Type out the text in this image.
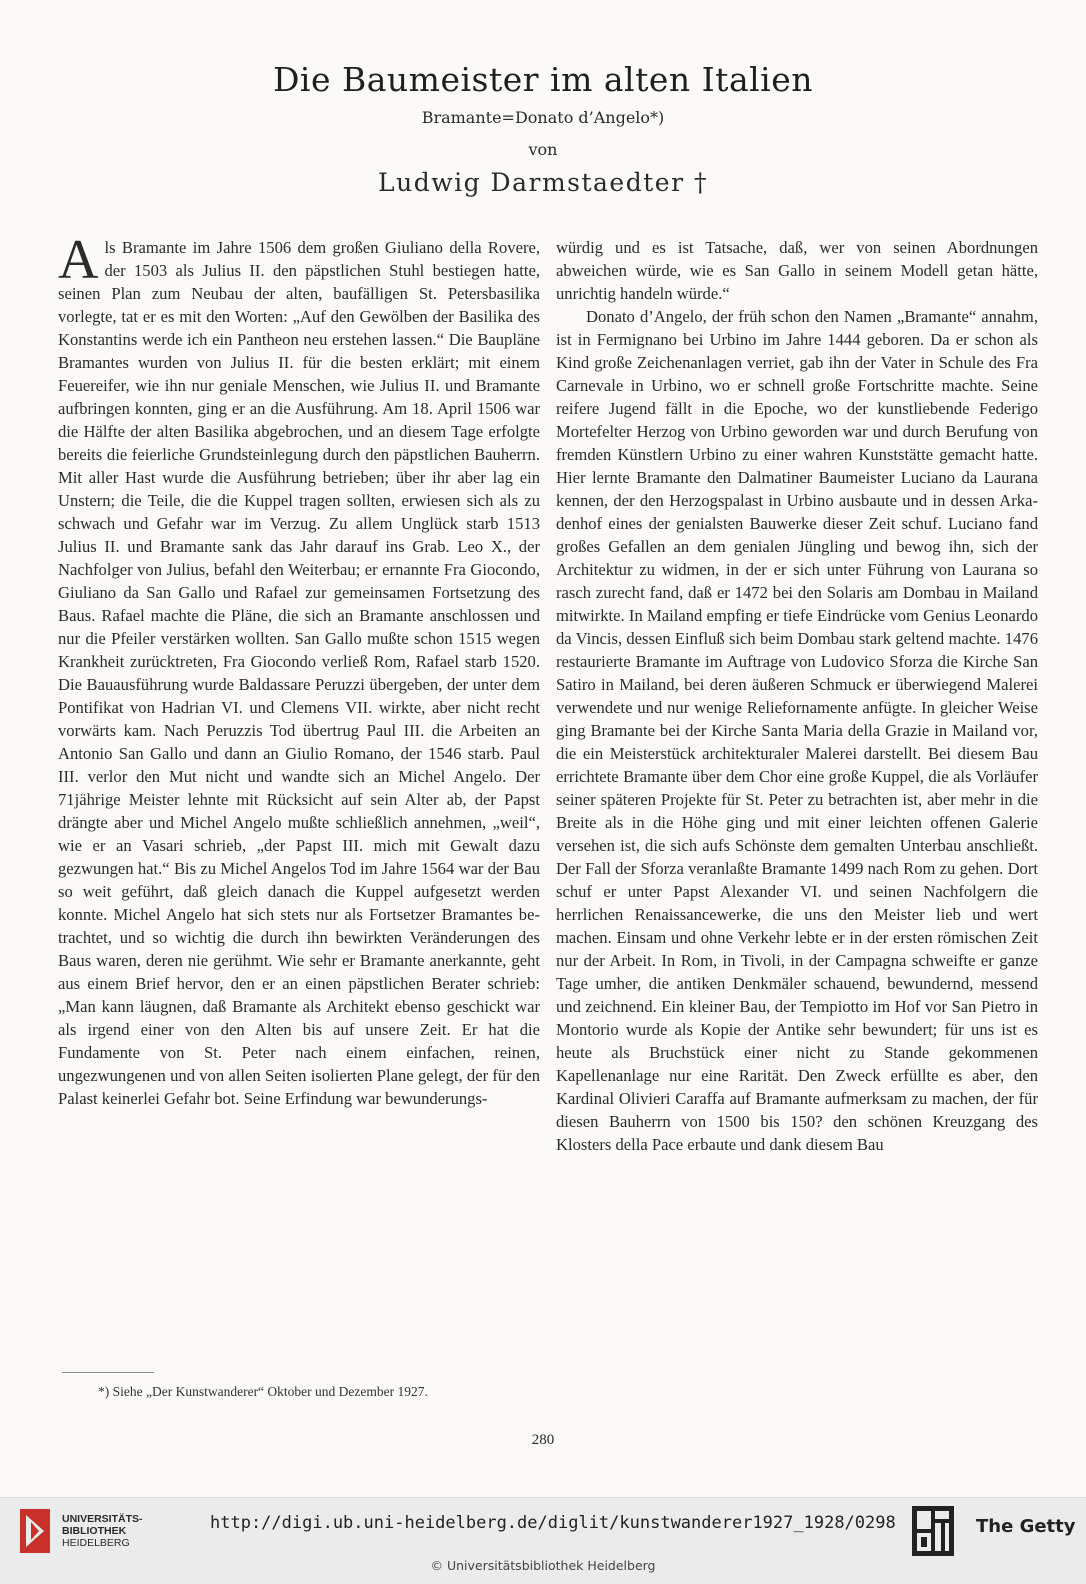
Die Baumeister im alten Italien
Bramante=Donato d’Angelo*)
von
Ludwig Darmstaedter †

Als Bramante im Jahre 1506 dem großen Giuliano della Rovere, der 1503 als Julius II. den päpstlichen Stuhl bestiegen hatte, seinen Plan zum Neubau der alten, baufälligen St. Petersbasilika vorlegte, tat er es mit den Worten: „Auf den Gewölben der Basilika des Konstantins werde ich ein Pantheon neu erstehen lassen.“ Die Baupläne Bramantes wurden von Julius II. für die besten erklärt; mit einem Feuereifer, wie ihn nur geniale Menschen, wie Julius II. und Bramante aufbringen konnten, ging er an die Ausführung. Am 18. April 1506 war die Hälfte der alten Basilika abgebrochen, und an diesem Tage erfolgte bereits die feierliche Grundsteinlegung durch den päpstlichen Bauherrn. Mit aller Hast wurde die Ausführung betrieben; über ihr aber lag ein Unstern; die Teile, die die Kuppel tragen sollten, erwiesen sich als zu schwach und Gefahr war im Verzug. Zu allem Unglück starb 1513 Julius II. und Bramante sank das Jahr darauf ins Grab. Leo X., der Nachfolger von Julius, befahl den Weiterbau; er ernannte Fra Giocondo, Giuliano da San Gallo und Rafael zur gemeinsamen Fortsetzung des Baus. Rafael machte die Pläne, die sich an Bramante anschlossen und nur die Pfeiler verstärken wollten. San Gallo mußte schon 1515 wegen Krankheit zurücktreten, Fra Giocondo verließ Rom, Rafael starb 1520. Die Bauausführung wurde Baldassare Peruzzi übergeben, der unter dem Pontifikat von Hadrian VI. und Clemens VII. wirkte, aber nicht recht vorwärts kam. Nach Peruzzis Tod übertrug Paul III. die Arbeiten an Antonio San Gallo und dann an Giulio Romano, der 1546 starb. Paul III. verlor den Mut nicht und wandte sich an Michel Angelo. Der 71jährige Meister lehnte mit Rücksicht auf sein Alter ab, der Papst drängte aber und Michel Angelo mußte schließlich annehmen, „weil“, wie er an Vasari schrieb, „der Papst III. mich mit Gewalt dazu gezwungen hat.“ Bis zu Michel Angelos Tod im Jahre 1564 war der Bau so weit geführt, daß gleich danach die Kuppel aufgesetzt werden konnte. Michel Angelo hat sich stets nur als Fortsetzer Bramantes betrachtet, und so wichtig die durch ihn bewirkten Veränderungen des Baus waren, deren nie gerühmt. Wie sehr er Bramante anerkannte, geht aus einem Brief hervor, den er an einen päpstlichen Berater schrieb: „Man kann läugnen, daß Bramante als Architekt ebenso geschickt war als irgend einer von den Alten bis auf unsere Zeit. Er hat die Fundamente von St. Peter nach einem einfachen, reinen, ungezwungenen und von allen Seiten isolierten Plane gelegt, der für den Palast keinerlei Gefahr bot. Seine Erfindung war bewunderungs-

würdig und es ist Tatsache, daß, wer von seinen Abordnungen abweichen würde, wie es San Gallo in seinem Modell getan hätte, unrichtig handeln würde.“

Donato d’Angelo, der früh schon den Namen „Bramante“ annahm, ist in Fermignano bei Urbino im Jahre 1444 geboren. Da er schon als Kind große Zeichenanlagen verriet, gab ihn der Vater in Schule des Fra Carnevale in Urbino, wo er schnell große Fortschritte machte. Seine reifere Jugend fällt in die Epoche, wo der kunstliebende Federigo Mortefelter Herzog von Urbino geworden war und durch Berufung von fremden Künstlern Urbino zu einer wahren Kunststätte gemacht hatte. Hier lernte Bramante den Dalmatiner Baumeister Luciano da Laurana kennen, der den Herzogspalast in Urbino ausbaute und in dessen Arkadenhof eines der genialsten Bauwerke dieser Zeit schuf. Luciano fand großes Gefallen an dem genialen Jüngling und bewog ihn, sich der Architektur zu widmen, in der er sich unter Führung von Laurana so rasch zurecht fand, daß er 1472 bei den Solaris am Dombau in Mailand mitwirkte. In Mailand empfing er tiefe Eindrücke vom Genius Leonardo da Vincis, dessen Einfluß sich beim Dombau stark geltend machte. 1476 restaurierte Bramante im Auftrage von Ludovico Sforza die Kirche San Satiro in Mailand, bei deren äußeren Schmuck er überwiegend Malerei verwendete und nur wenige Reliefornamente anfügte. In gleicher Weise ging Bramante bei der Kirche Santa Maria della Grazie in Mailand vor, die ein Meisterstück architekturaler Malerei darstellt. Bei diesem Bau errichtete Bramante über dem Chor eine große Kuppel, die als Vorläufer seiner späteren Projekte für St. Peter zu betrachten ist, aber mehr in die Breite als in die Höhe ging und mit einer leichten offenen Galerie versehen ist, die sich aufs Schönste dem gemalten Unterbau anschließt. Der Fall der Sforza veranlaßte Bramante 1499 nach Rom zu gehen. Dort schuf er unter Papst Alexander VI. und seinen Nachfolgern die herrlichen Renaissancewerke, die uns den Meister lieb und wert machen. Einsam und ohne Verkehr lebte er in der ersten römischen Zeit nur der Arbeit. In Rom, in Tivoli, in der Campagna schweifte er ganze Tage umher, die antiken Denkmäler schauend, bewundernd, messend und zeichnend. Ein kleiner Bau, der Tempiotto im Hof vor San Pietro in Montorio wurde als Kopie der Antike sehr bewundert; für uns ist es heute als Bruchstück einer nicht zu Stande gekommenen Kapellenanlage nur eine Rarität. Den Zweck erfüllte es aber, den Kardinal Olivieri Caraffa auf Bramante aufmerksam zu machen, der für diesen Bauherrn von 1500 bis 150? den schönen Kreuzgang des Klosters della Pace erbaute und dank diesem Bau

*) Siehe „Der Kunstwanderer“ Oktober und Dezember 1927.
280
UNIVERSITÄTS-
BIBLIOTHEK
HEIDELBERG
http://digi.ub.uni-heidelberg.de/diglit/kunstwanderer1927_1928/0298	The Getty
© Universitätsbibliothek Heidelberg
